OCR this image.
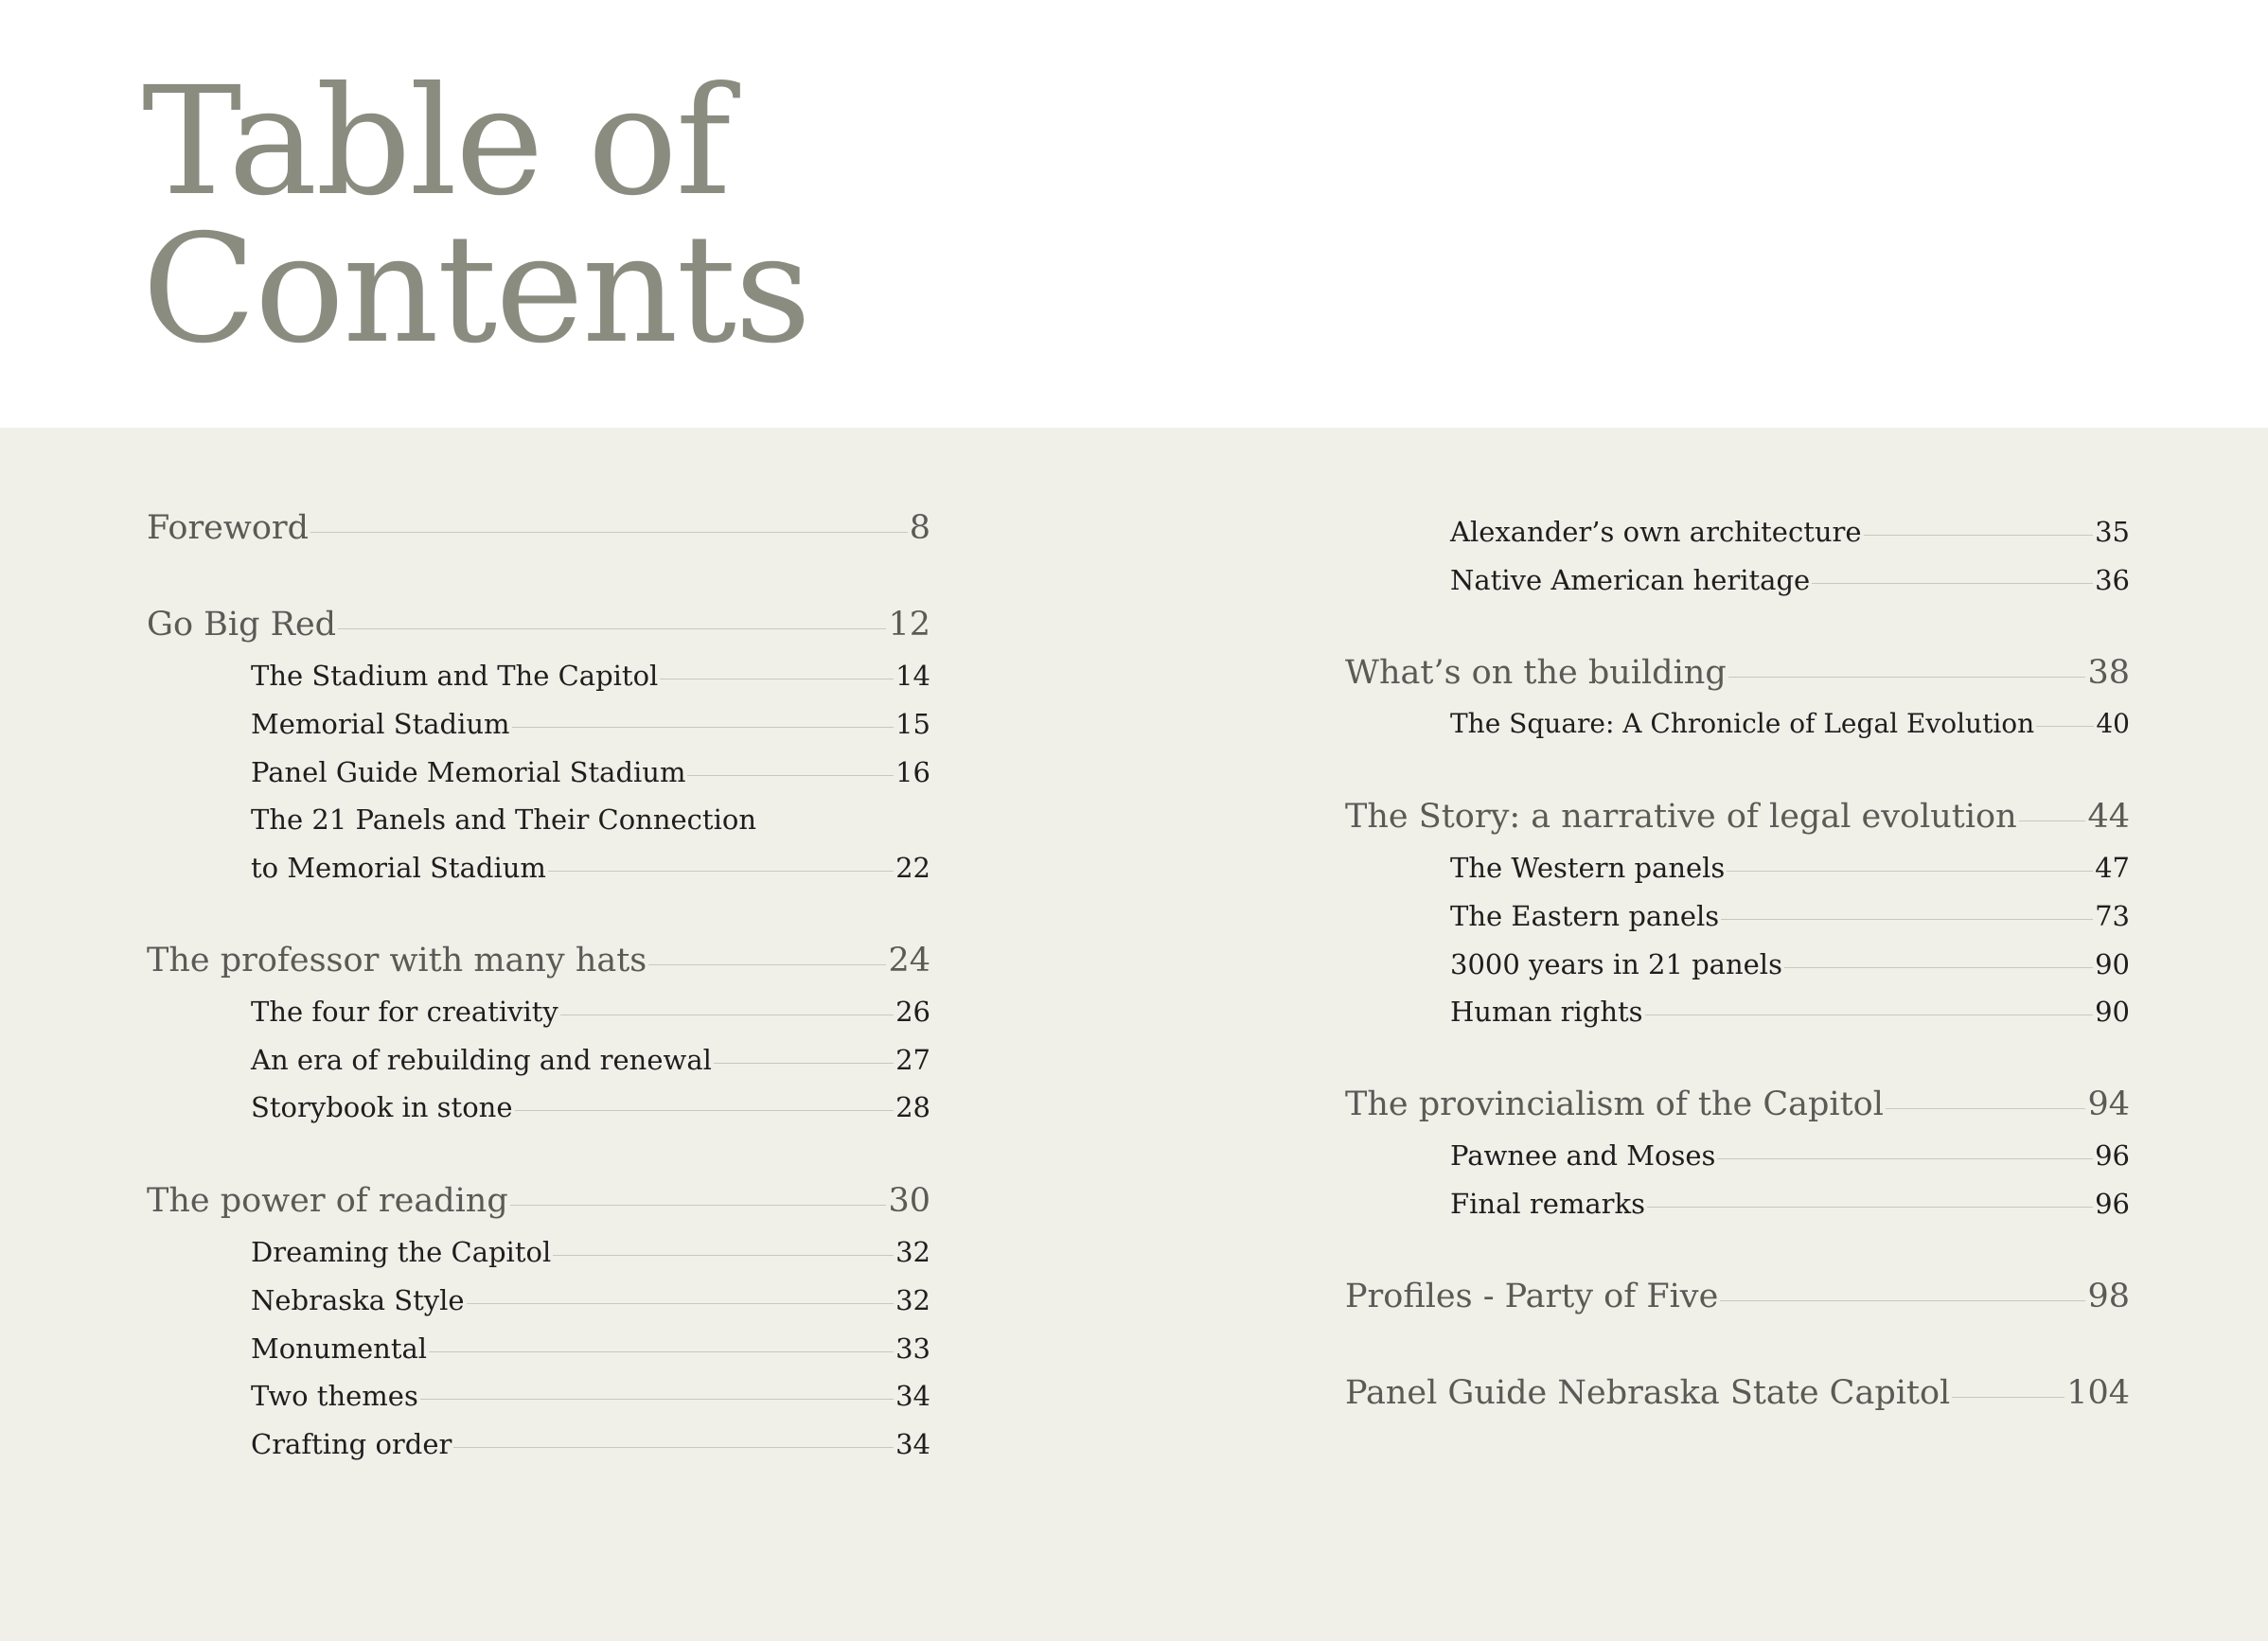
Table of
Contents
Foreword	8
Go Big Red	12
The Stadium and The Capitol	14
Memorial Stadium	15
Panel Guide Memorial Stadium	16
The 21 Panels and Their Connection
to Memorial Stadium	22
The professor with many hats	24
The four for creativity	26
An era of rebuilding and renewal	27
Storybook in stone	28
The power of reading	30
Dreaming the Capitol	32
Nebraska Style	32
Monumental	33
Two themes	34
Crafting order	34
Alexander’s own architecture	35
Native American heritage	36
What’s on the building	38
The Square: A Chronicle of Legal Evolution 40
The Story: a narrative of legal evolution 44
The Western panels	47
The Eastern panels	73
3000 years in 21 panels	90
Human rights	90
The provincialism of the Capitol	94
Pawnee and Moses	96
Final remarks	96
Profiles - Party of Five	98
Panel Guide Nebraska State Capitol	104
